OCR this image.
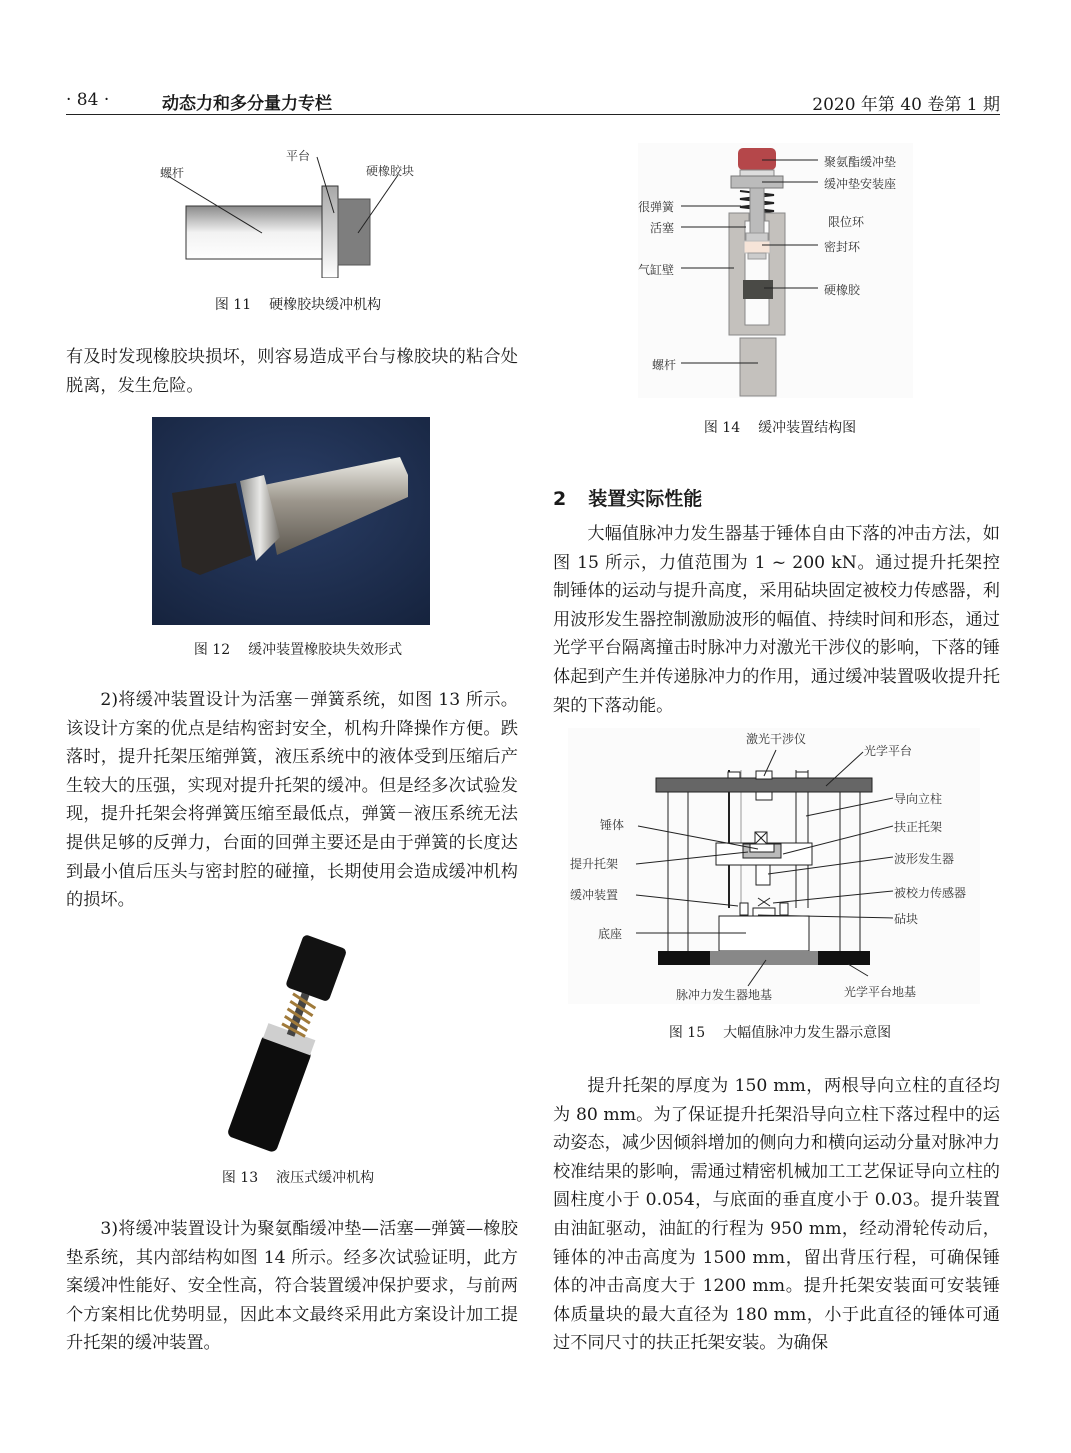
· 84 ·	动态力和多分量力专栏	2020 年第 40 卷第 1 期
螺杆
平台
硬橡胶块
图 11 硬橡胶块缓冲机构

有及时发现橡胶块损坏，则容易造成平台与橡胶块的粘合处脱离，发生危险。

图 12 缓冲装置橡胶块失效形式

2)将缓冲装置设计为活塞－弹簧系统，如图 13 所示。该设计方案的优点是结构密封安全，机构升降操作方便。跌落时，提升托架压缩弹簧，液压系统中的液体受到压缩后产生较大的压强，实现对提升托架的缓冲。但是经多次试验发现，提升托架会将弹簧压缩至最低点，弹簧－液压系统无法提供足够的反弹力，台面的回弹主要还是由于弹簧的长度达到最小值后压头与密封腔的碰撞，长期使用会造成缓冲机构的损坏。

图 13 液压式缓冲机构

3)将缓冲装置设计为聚氨酯缓冲垫—活塞—弹簧—橡胶垫系统，其内部结构如图 14 所示。经多次试验证明，此方案缓冲性能好、安全性高，符合装置缓冲保护要求，与前两个方案相比优势明显，因此本文最终采用此方案设计加工提升托架的缓冲装置。

聚氨酯缓冲垫
缓冲垫安装座
很弹簧
活塞	限位环
密封环
气缸壁
硬橡胶
螺杆
图 14 缓冲装置结构图
2 装置实际性能

大幅值脉冲力发生器基于锤体自由下落的冲击方法，如图 15 所示，力值范围为 1 ~ 200 kN。通过提升托架控制锤体的运动与提升高度，采用砧块固定被校力传感器，利用波形发生器控制激励波形的幅值、持续时间和形态，通过光学平台隔离撞击时脉冲力对激光干涉仪的影响，下落的锤体起到产生并传递脉冲力的作用，通过缓冲装置吸收提升托架的下落动能。

激光干涉仪
光学平台
导向立柱
锤体	扶正托架
提升托架	波形发生器
缓冲装置	被校力传感器
砧块
底座
脉冲力发生器地基	光学平台地基
图 15 大幅值脉冲力发生器示意图

提升托架的厚度为 150 mm，两根导向立柱的直径均为 80 mm。为了保证提升托架沿导向立柱下落过程中的运动姿态，减少因倾斜增加的侧向力和横向运动分量对脉冲力校准结果的影响，需通过精密机械加工工艺保证导向立柱的圆柱度小于 0.054，与底面的垂直度小于 0.03。提升装置由油缸驱动，油缸的行程为 950 mm，经动滑轮传动后，锤体的冲击高度为 1500 mm，留出背压行程，可确保锤体的冲击高度大于 1200 mm。提升托架安装面可安装锤体质量块的最大直径为 180 mm，小于此直径的锤体可通过不同尺寸的扶正托架安装。为确保
